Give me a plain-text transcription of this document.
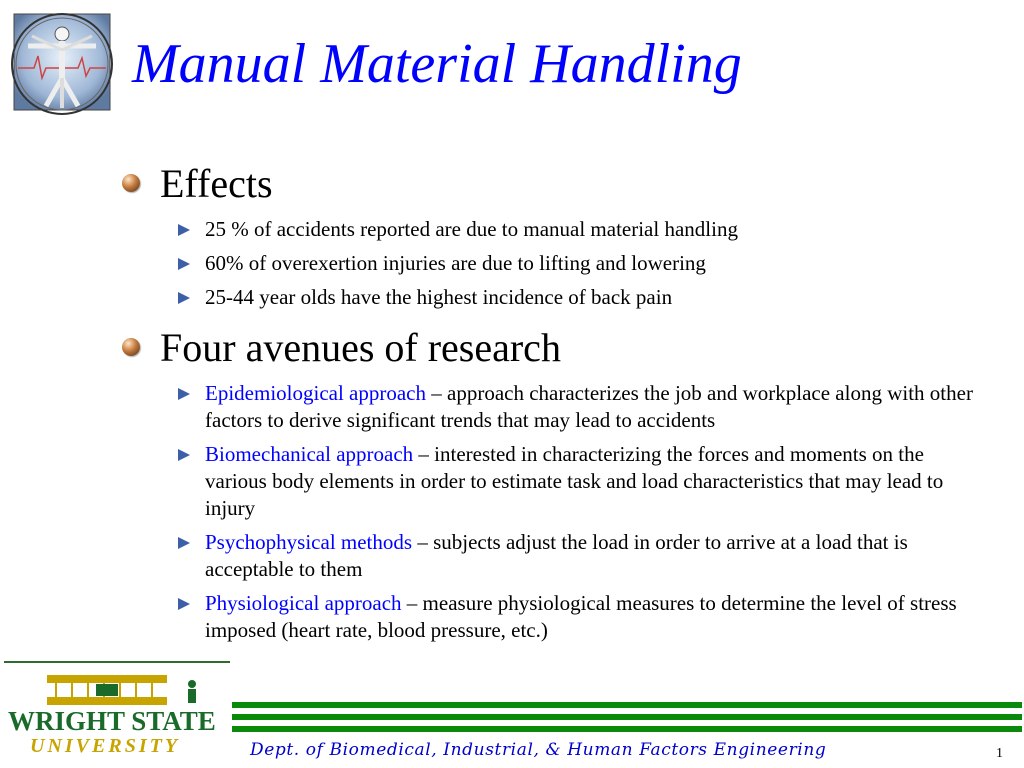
Manual Material Handling
Effects
25 % of accidents reported are due to manual material handling
60% of overexertion injuries are due to lifting and lowering
25-44 year olds have the highest incidence of back pain
Four avenues of research
Epidemiological approach – approach characterizes the job and workplace along with other factors to derive significant trends that may lead to accidents
Biomechanical approach – interested in characterizing the forces and moments on the various body elements in order to estimate task and load characteristics that may lead to injury
Psychophysical methods – subjects adjust the load in order to arrive at a load that is acceptable to them
Physiological approach – measure physiological measures to determine the level of stress imposed (heart rate, blood pressure, etc.)
WRIGHT STATE
UNIVERSITY	Dept. of Biomedical, Industrial, & Human Factors Engineering	1
